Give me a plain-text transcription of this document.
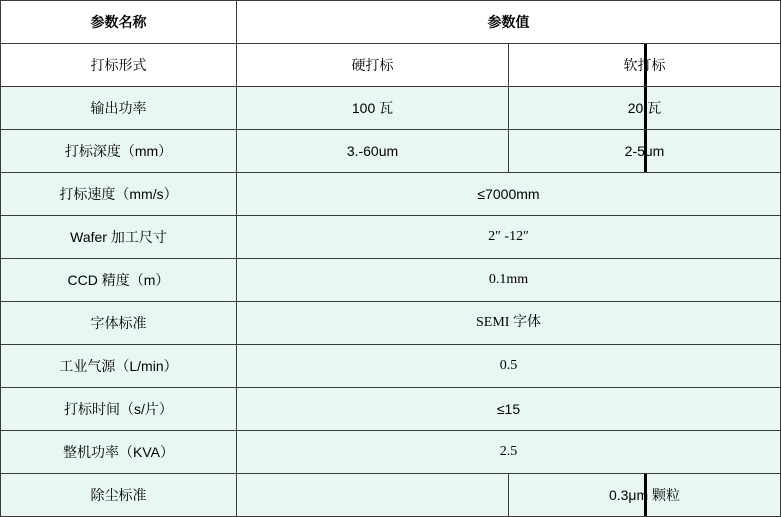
参数名称	参数值	
打标形式	硬打标	软打标

输出功率	100 瓦	20 瓦

打标深度（mm）	3.-60um	2-5um

打标速度（mm/s）	≤7000mm	
Wafer 加工尺寸	2″ -12″	
CCD 精度（m）	0.1mm	
字体标准	SEMI 字体	
工业气源（L/min）	0.5	
打标时间（s/片）	≤15	
整机功率（KVA）	2.5	
除尘标准		0.3μm 颗粒
